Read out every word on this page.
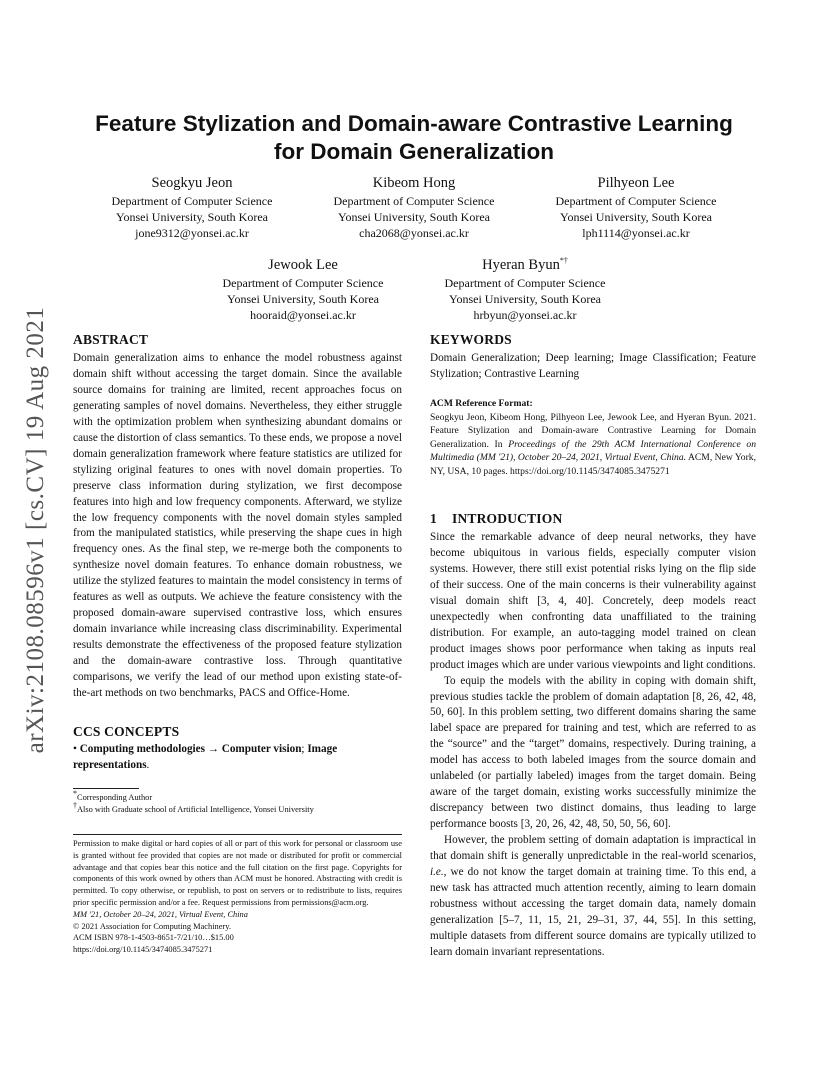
arXiv:2108.08596v1 [cs.CV] 19 Aug 2021
Feature Stylization and Domain-aware Contrastive Learning
for Domain Generalization
Seogkyu Jeon
Department of Computer Science
Yonsei University, South Korea
jone9312@yonsei.ac.kr
Kibeom Hong
Department of Computer Science
Yonsei University, South Korea
cha2068@yonsei.ac.kr
Pilhyeon Lee
Department of Computer Science
Yonsei University, South Korea
lph1114@yonsei.ac.kr
Jewook Lee
Department of Computer Science
Yonsei University, South Korea
hooraid@yonsei.ac.kr
Hyeran Byun*†
Department of Computer Science
Yonsei University, South Korea
hrbyun@yonsei.ac.kr
ABSTRACT
Domain generalization aims to enhance the model robustness against domain shift without accessing the target domain. Since the available source domains for training are limited, recent approaches focus on generating samples of novel domains. Nevertheless, they either struggle with the optimization problem when synthesizing abundant domains or cause the distortion of class semantics. To these ends, we propose a novel domain generalization framework where feature statistics are utilized for stylizing original features to ones with novel domain properties. To preserve class information during stylization, we first decompose features into high and low frequency components. Afterward, we stylize the low frequency components with the novel domain styles sampled from the manipulated statistics, while preserving the shape cues in high frequency ones. As the final step, we re-merge both the components to synthesize novel domain features. To enhance domain robustness, we utilize the stylized features to maintain the model consistency in terms of features as well as outputs. We achieve the feature consistency with the proposed domain-aware supervised contrastive loss, which ensures domain invariance while increasing class discriminability. Experimental results demonstrate the effectiveness of the proposed feature stylization and the domain-aware contrastive loss. Through quantitative comparisons, we verify the lead of our method upon existing state-of-the-art methods on two benchmarks, PACS and Office-Home.
CCS CONCEPTS
• Computing methodologies → Computer vision; Image representations.
*Corresponding Author
†Also with Graduate school of Artificial Intelligence, Yonsei University

Permission to make digital or hard copies of all or part of this work for personal or classroom use is granted without fee provided that copies are not made or distributed for profit or commercial advantage and that copies bear this notice and the full citation on the first page. Copyrights for components of this work owned by others than ACM must be honored. Abstracting with credit is permitted. To copy otherwise, or republish, to post on servers or to redistribute to lists, requires prior specific permission and/or a fee. Request permissions from permissions@acm.org.

MM '21, October 20–24, 2021, Virtual Event, China

© 2021 Association for Computing Machinery.

ACM ISBN 978-1-4503-8651-7/21/10…$15.00

https://doi.org/10.1145/3474085.3475271

KEYWORDS
Domain Generalization; Deep learning; Image Classification; Feature Stylization; Contrastive Learning
ACM Reference Format:
Seogkyu Jeon, Kibeom Hong, Pilhyeon Lee, Jewook Lee, and Hyeran Byun. 2021. Feature Stylization and Domain-aware Contrastive Learning for Domain Generalization. In Proceedings of the 29th ACM International Conference on Multimedia (MM '21), October 20–24, 2021, Virtual Event, China. ACM, New York, NY, USA, 10 pages. https://doi.org/10.1145/3474085.3475271
1 INTRODUCTION

Since the remarkable advance of deep neural networks, they have become ubiquitous in various fields, especially computer vision systems. However, there still exist potential risks lying on the flip side of their success. One of the main concerns is their vulnerability against visual domain shift [3, 4, 40]. Concretely, deep models react unexpectedly when confronting data unaffiliated to the training distribution. For example, an auto-tagging model trained on clean product images shows poor performance when taking as inputs real product images which are under various viewpoints and light conditions.

To equip the models with the ability in coping with domain shift, previous studies tackle the problem of domain adaptation [8, 26, 42, 48, 50, 60]. In this problem setting, two different domains sharing the same label space are prepared for training and test, which are referred to as the “source” and the “target” domains, respectively. During training, a model has access to both labeled images from the source domain and unlabeled (or partially labeled) images from the target domain. Being aware of the target domain, existing works successfully minimize the discrepancy between two distinct domains, thus leading to large performance boosts [3, 20, 26, 42, 48, 50, 50, 56, 60].

However, the problem setting of domain adaptation is impractical in that domain shift is generally unpredictable in the real-world scenarios, i.e., we do not know the target domain at training time. To this end, a new task has attracted much attention recently, aiming to learn domain robustness without accessing the target domain data, namely domain generalization [5–7, 11, 15, 21, 29–31, 37, 44, 55]. In this setting, multiple datasets from different source domains are typically utilized to learn domain invariant representations.
